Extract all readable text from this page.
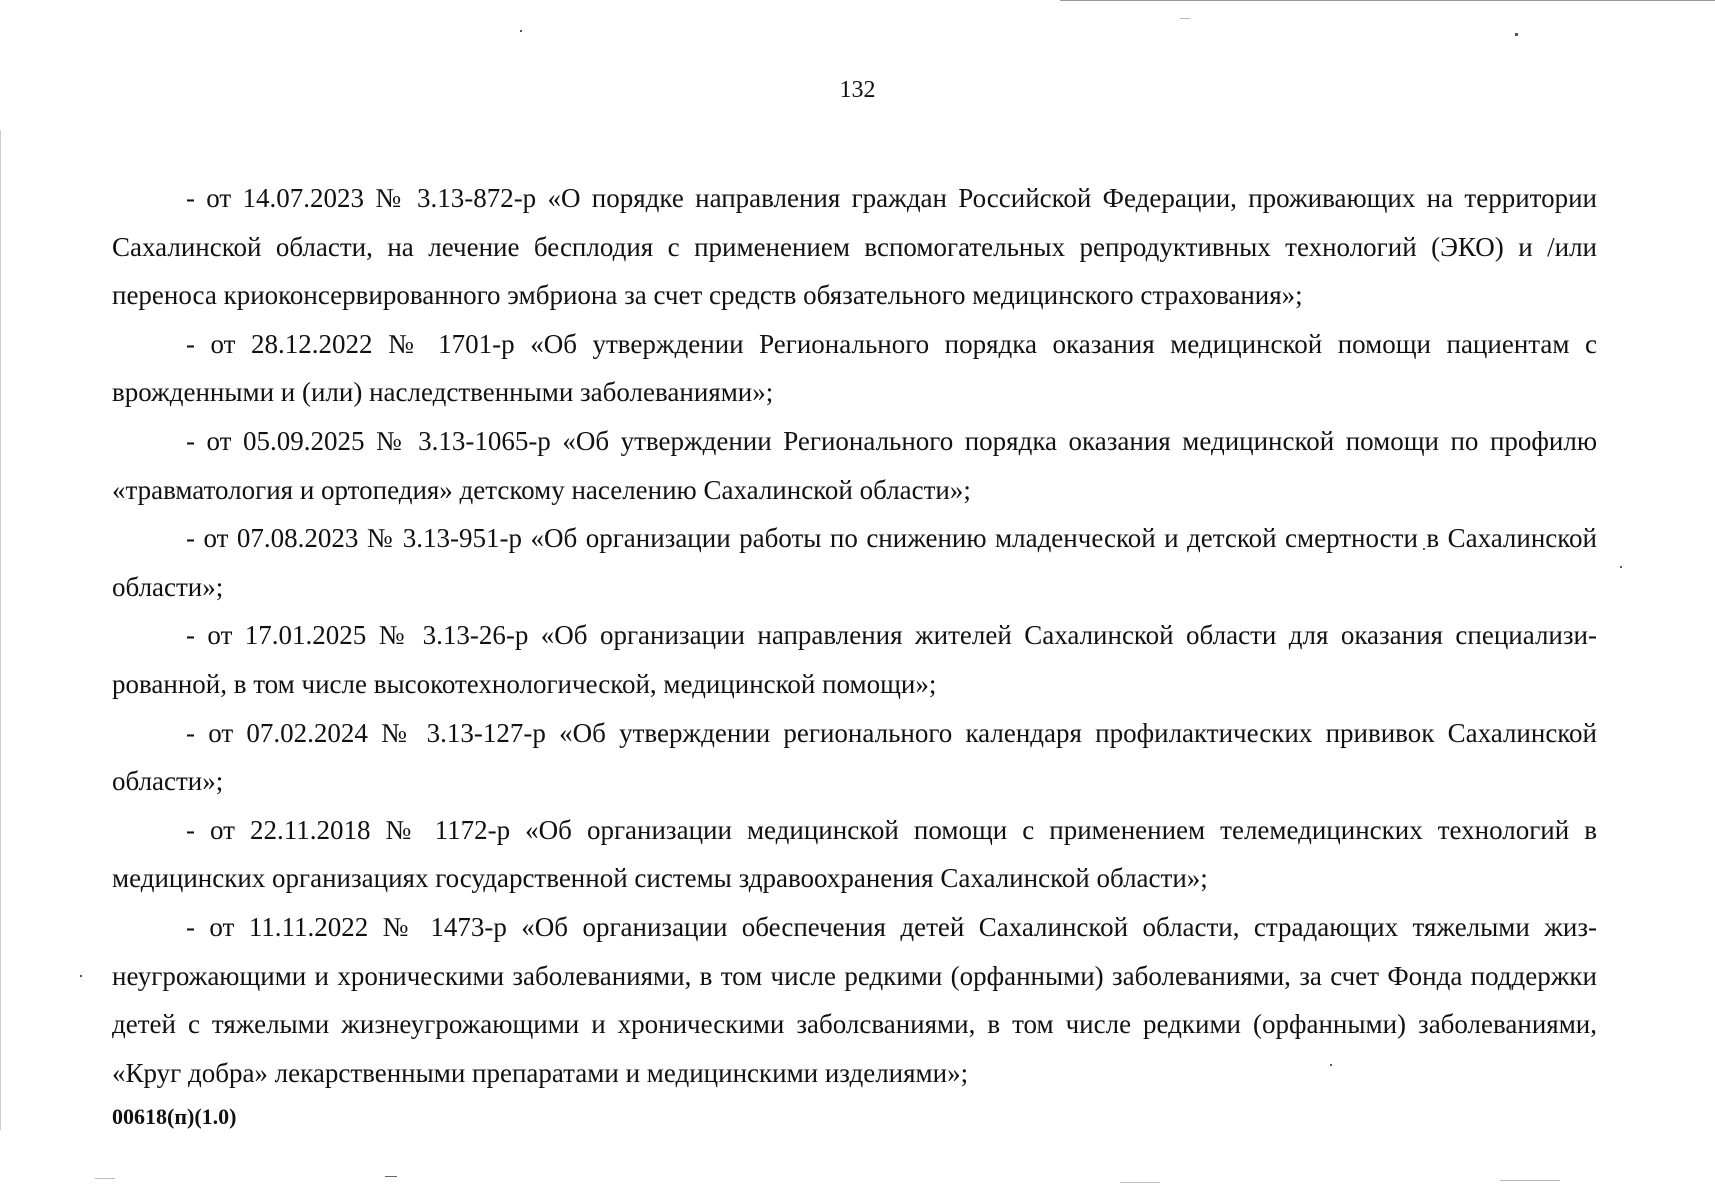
132

- от 14.07.2023 № 3.13-872-р «О порядке направления граждан Российской Федерации, проживающих на территории Сахалинской области, на лечение бесплодия с применением вспомогательных репродуктивных технологий (ЭКО) и /или переноса криоконсервированного эмбриона за счет средств обязательного медицинского страхования»;

- от 28.12.2022 № 1701-р «Об утверждении Регионального порядка оказания медицинской помощи пациентам с врожденными и (или) наследственными заболеваниями»;

- от 05.09.2025 № 3.13-1065-р «Об утверждении Регионального порядка оказания медицинской помощи по профилю «травматология и ортопедия» детскому населению Сахалинской области»;

- от 07.08.2023 № 3.13-951-р «Об организации работы по снижению младенческой и детской смертности в Сахалинской области»;

- от 17.01.2025 № 3.13-26-р «Об организации направления жителей Сахалинской области для оказания специализированной, в том числе высокотехнологической, медицинской помощи»;

- от 07.02.2024 № 3.13-127-р «Об утверждении регионального календаря профилактических прививок Сахалинской области»;

- от 22.11.2018 № 1172-р «Об организации медицинской помощи с применением телемедицинских технологий в медицинских организациях государственной системы здравоохранения Сахалинской области»;

- от 11.11.2022 № 1473-р «Об организации обеспечения детей Сахалинской области, страдающих тяжелыми жизнеугрожающими и хроническими заболеваниями, в том числе редкими (орфанными) заболеваниями, за счет Фонда поддержки детей с тяжелыми жизнеугрожающими и хроническими заболсваниями, в том числе редкими (орфанными) заболеваниями, «Круг добра» лекарственными препаратами и медицинскими изделиями»;

00618(п)(1.0)
